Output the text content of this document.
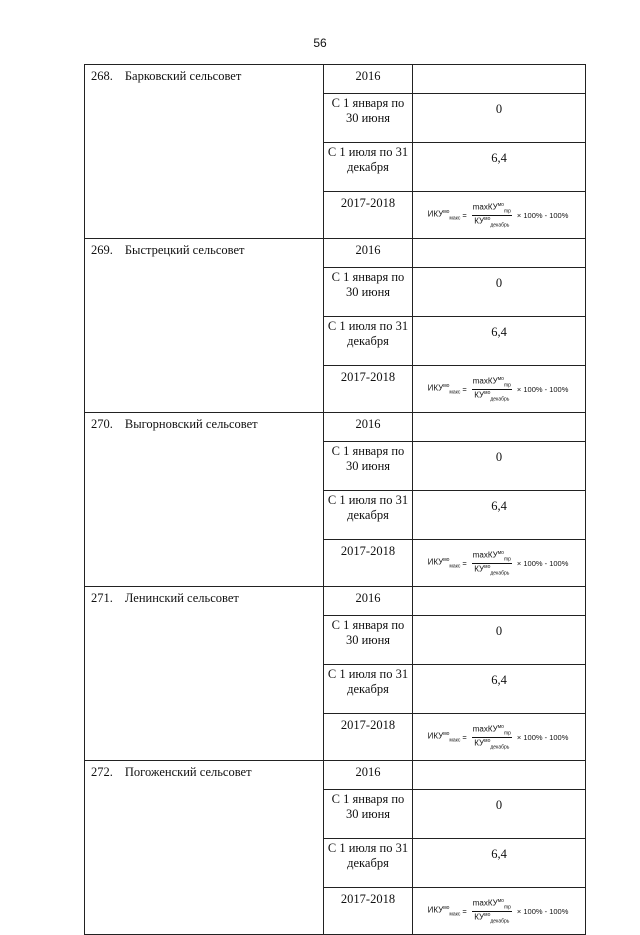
56
268. Барковский сельсовет	2016	
	С 1 января по 30 июня	0
	С 1 июля по 31 декабря	6,4
	2017-2018	$ИКУ^{мо}_{макс} = \frac{\max КУ^{мо}_{mp}}{КУ^{мо}_{декабрь}} \times 100\% - 100\%$

269. Быстрецкий сельсовет	2016	
	С 1 января по 30 июня	0
	С 1 июля по 31 декабря	6,4
	2017-2018	$ИКУ^{мо}_{макс} = \frac{\max КУ^{мо}_{mp}}{КУ^{мо}_{декабрь}} \times 100\% - 100\%$

270. Выгорновский сельсовет	2016	
	С 1 января по 30 июня	0
	С 1 июля по 31 декабря	6,4
	2017-2018	$ИКУ^{мо}_{макс} = \frac{\max КУ^{мо}_{mp}}{КУ^{мо}_{декабрь}} \times 100\% - 100\%$

271. Ленинский сельсовет	2016	
	С 1 января по 30 июня	0
	С 1 июля по 31 декабря	6,4
	2017-2018	$ИКУ^{мо}_{макс} = \frac{\max КУ^{мо}_{mp}}{КУ^{мо}_{декабрь}} \times 100\% - 100\%$

272. Погоженский сельсовет	2016	
	С 1 января по 30 июня	0
	С 1 июля по 31 декабря	6,4
	2017-2018	$ИКУ^{мо}_{макс} = \frac{\max КУ^{мо}_{mp}}{КУ^{мо}_{декабрь}} \times 100\% - 100\%$
